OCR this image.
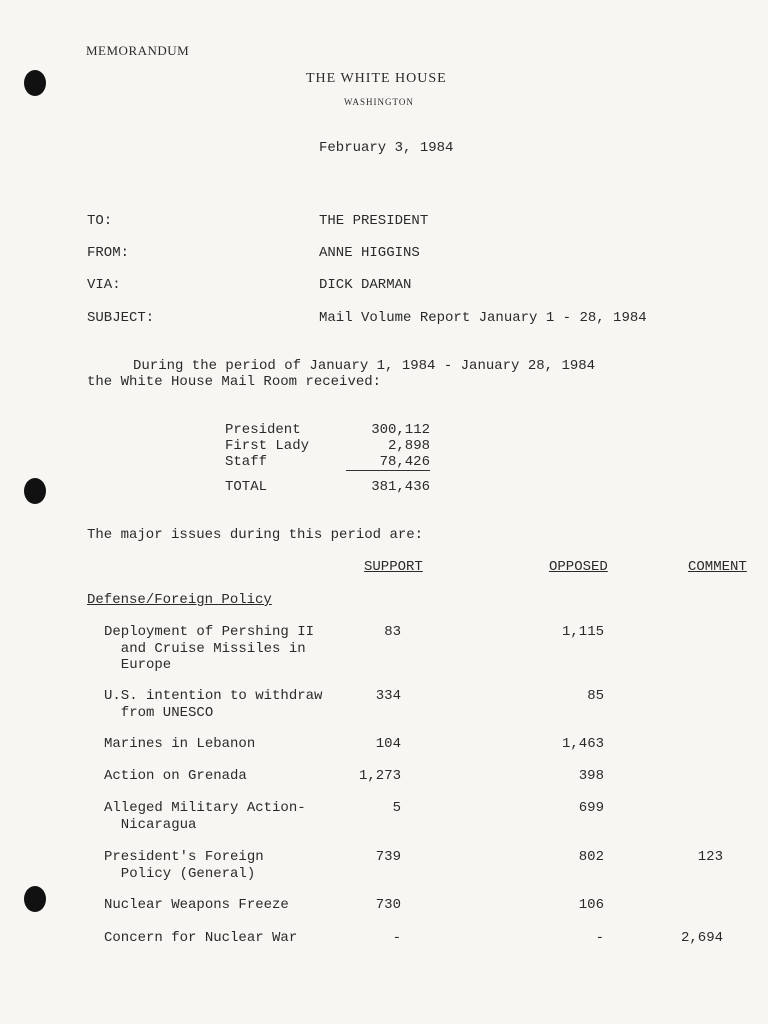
MEMORANDUM
THE WHITE HOUSE
WASHINGTON
February 3, 1984
TO:	THE PRESIDENT
FROM:	ANNE HIGGINS
VIA:	DICK DARMAN
SUBJECT:	Mail Volume Report January 1 - 28, 1984
During the period of January 1, 1984 - January 28, 1984
the White House Mail Room received:
President	300,112
First Lady	2,898
Staff	78,426
TOTAL	381,436
The major issues during this period are:
SUPPORT	OPPOSED	COMMENT
Defense/Foreign Policy
Deployment of Pershing II
and Cruise Missiles in
Europe
83	1,115
U.S. intention to withdraw
from UNESCO
334	85
Marines in Lebanon	104	1,463
Action on Grenada	1,273	398
Alleged Military Action-
Nicaragua
5	699
President's Foreign
Policy (General)
739	802	123
Nuclear Weapons Freeze	730	106
Concern for Nuclear War	-	-	2,694
